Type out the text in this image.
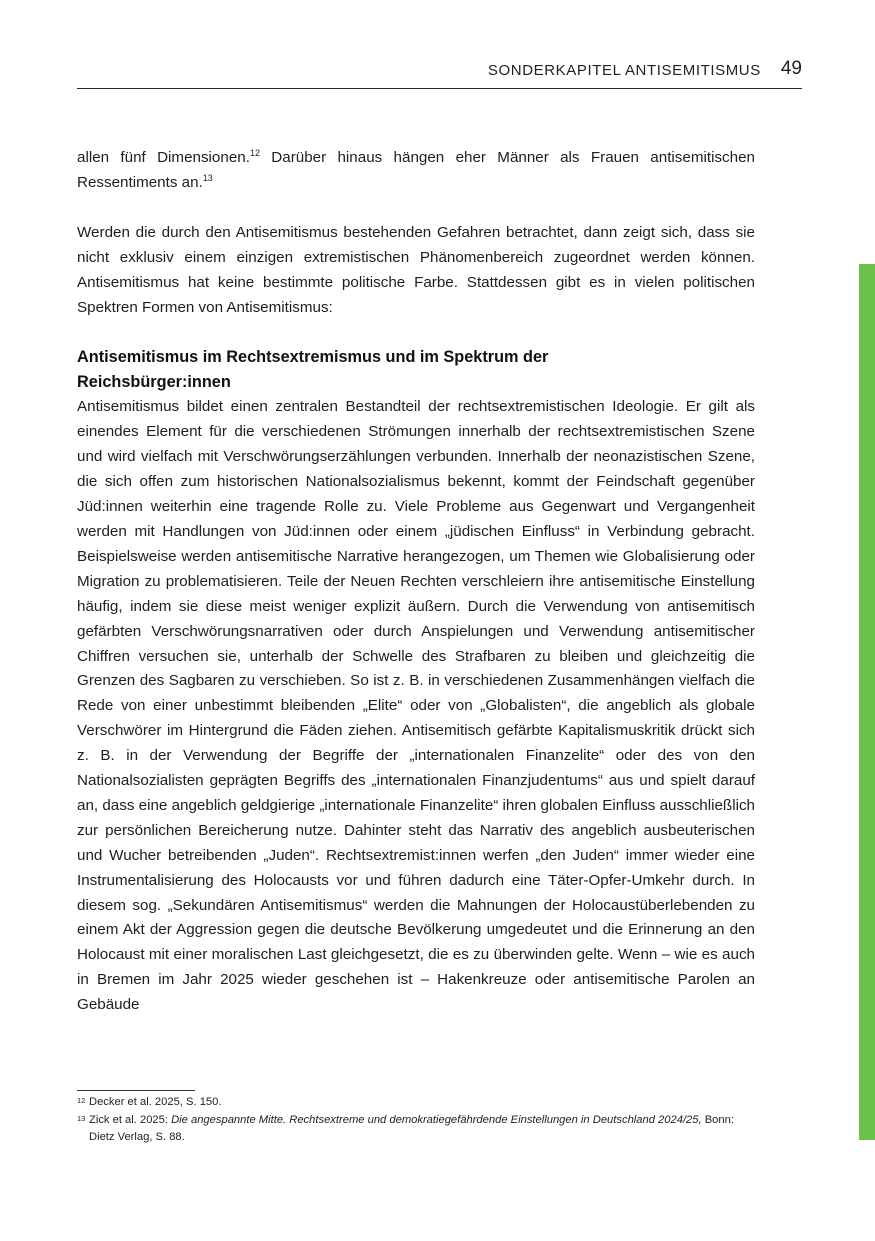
SONDERKAPITEL ANTISEMITISMUS 49

allen fünf Dimensionen.$^{12}$ Darüber hinaus hängen eher Männer als Frauen antisemitischen Ressentiments an.$^{13}$

Werden die durch den Antisemitismus bestehenden Gefahren betrachtet, dann zeigt sich, dass sie nicht exklusiv einem einzigen extremistischen Phänomenbereich zugeordnet werden können. Antisemitismus hat keine bestimmte politische Farbe. Stattdessen gibt es in vielen politischen Spektren Formen von Antisemitismus:

Antisemitismus im Rechtsextremismus und im Spektrum der
Reichsbürger:innen

Antisemitismus bildet einen zentralen Bestandteil der rechtsextremistischen Ideologie. Er gilt als einendes Element für die verschiedenen Strömungen innerhalb der rechtsextremistischen Szene und wird vielfach mit Verschwörungserzählungen verbunden. Innerhalb der neonazistischen Szene, die sich offen zum historischen Nationalsozialismus bekennt, kommt der Feindschaft gegenüber Jüd:innen weiterhin eine tragende Rolle zu. Viele Probleme aus Gegenwart und Vergangenheit werden mit Handlungen von Jüd:innen oder einem „jüdischen Einfluss“ in Verbindung gebracht. Beispielsweise werden antisemitische Narrative herangezogen, um Themen wie Globalisierung oder Migration zu problematisieren. Teile der Neuen Rechten verschleiern ihre antisemitische Einstellung häufig, indem sie diese meist weniger explizit äußern. Durch die Verwendung von antisemitisch gefärbten Verschwörungsnarrativen oder durch Anspielungen und Verwendung antisemitischer Chiffren versuchen sie, unterhalb der Schwelle des Strafbaren zu bleiben und gleichzeitig die Grenzen des Sagbaren zu verschieben. So ist z. B. in verschiedenen Zusammenhängen vielfach die Rede von einer unbestimmt bleibenden „Elite“ oder von „Globalisten“, die angeblich als globale Verschwörer im Hintergrund die Fäden ziehen. Antisemitisch gefärbte Kapitalismuskritik drückt sich z. B. in der Verwendung der Begriffe der „internationalen Finanzelite“ oder des von den Nationalsozialisten geprägten Begriffs des „internationalen Finanzjudentums“ aus und spielt darauf an, dass eine angeblich geldgierige „internationale Finanzelite“ ihren globalen Einfluss ausschließlich zur persönlichen Bereicherung nutze. Dahinter steht das Narrativ des angeblich ausbeuterischen und Wucher betreibenden „Juden“. Rechtsextremist:innen werfen „den Juden“ immer wieder eine Instrumentalisierung des Holocausts vor und führen dadurch eine Täter-Opfer-Umkehr durch. In diesem sog. „Sekundären Antisemitismus“ werden die Mahnungen der Holocaustüberlebenden zu einem Akt der Aggression gegen die deutsche Bevölkerung umgedeutet und die Erinnerung an den Holocaust mit einer moralischen Last gleichgesetzt, die es zu überwinden gelte. Wenn – wie es auch in Bremen im Jahr 2025 wieder geschehen ist – Hakenkreuze oder antisemitische Parolen an Gebäude

12 Decker et al. 2025, S. 150.
13 Zick et al. 2025: Die angespannte Mitte. Rechtsextreme und demokratiegefährdende Einstellungen in Deutschland 2024/25, Bonn: Dietz Verlag, S. 88.
